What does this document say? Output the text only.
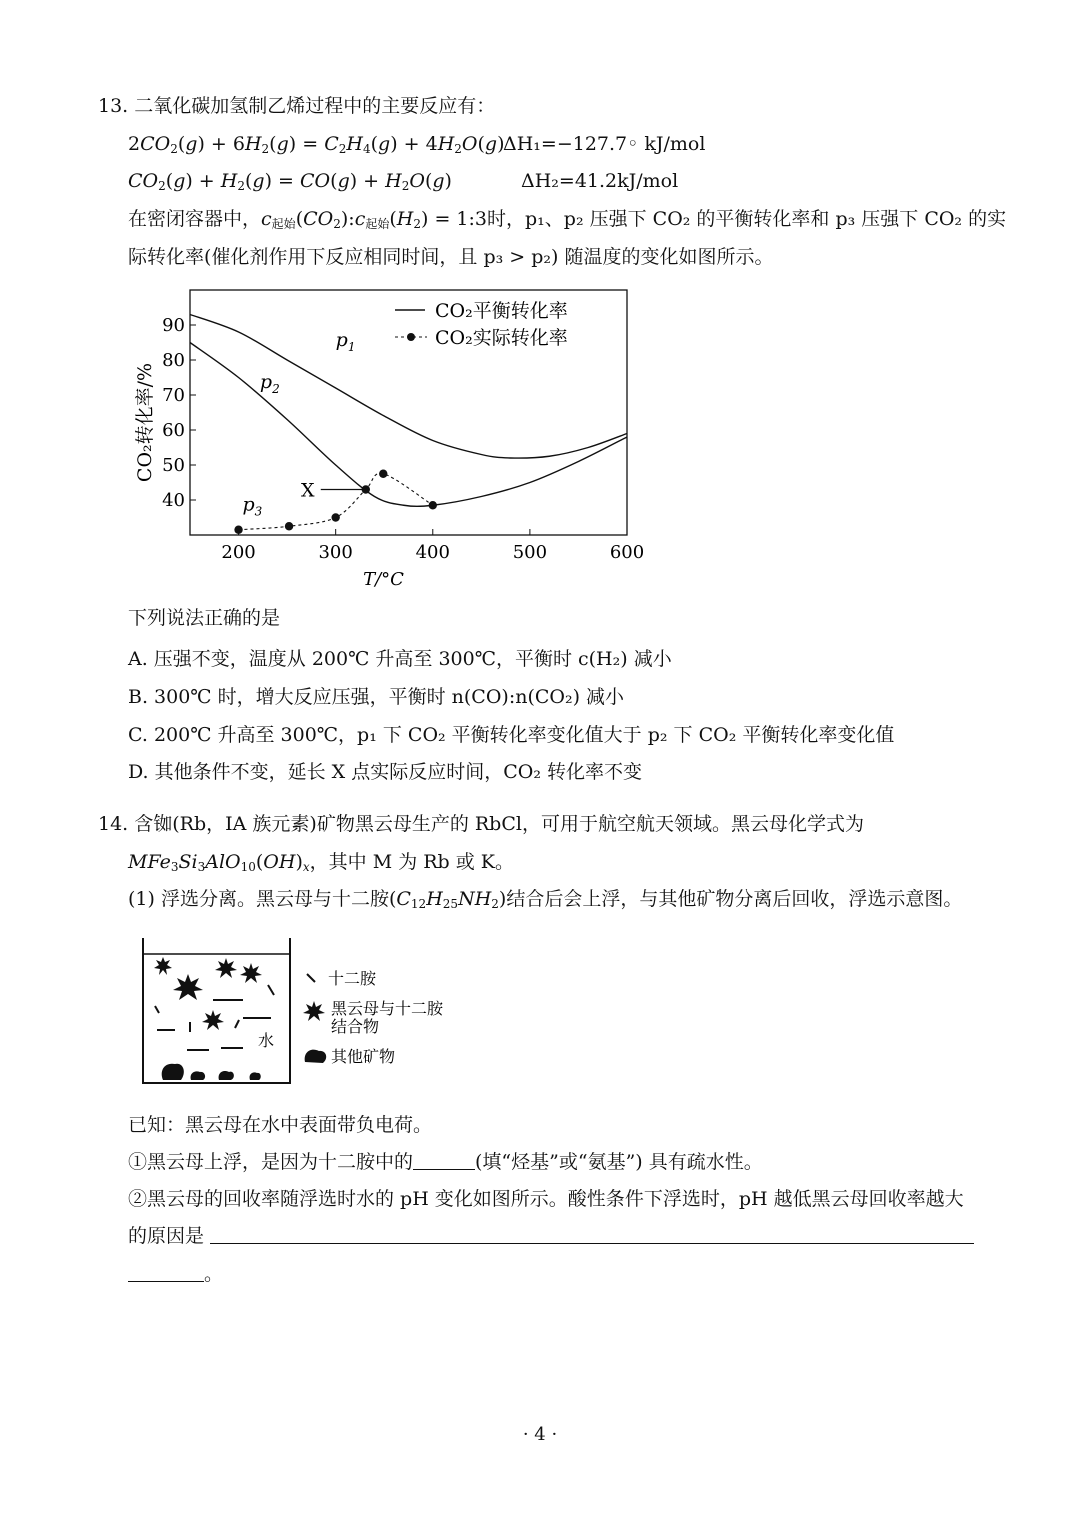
13. 二氧化碳加氢制乙烯过程中的主要反应有：
$2CO_2(g) + 6H_2(g) = C_2H_4(g) + 4H_2O(g)$
ΔH₁=−127.7◦ kJ/mol
$CO_2(g) + H_2(g) = CO(g) + H_2O(g)$	ΔH₂=41.2kJ/mol
在密闭容器中，$c_{起始}(CO_2):c_{起始}(H_2)$ = 1:3时，p₁、p₂ 压强下 CO₂ 的平衡转化率和 p₃ 压强下 CO₂ 的实
际转化率(催化剂作用下反应相同时间，且 p₃ > p₂) 随温度的变化如图所示。
200	300	400	500	600
40
50
60
70
80
90
T/°C
CO₂转化率/%
$p_1$
$p_2$
$p_3$
X
CO₂平衡转化率
CO₂实际转化率
下列说法正确的是
A. 压强不变，温度从 200℃ 升高至 300℃，平衡时 c(H₂) 减小
B. 300℃ 时，增大反应压强，平衡时 n(CO):n(CO₂) 减小
C. 200℃ 升高至 300℃，p₁ 下 CO₂ 平衡转化率变化值大于 p₂ 下 CO₂ 平衡转化率变化值
D. 其他条件不变，延长 X 点实际反应时间，CO₂ 转化率不变
14. 含铷(Rb，ⅠA 族元素)矿物黑云母生产的 RbCl，可用于航空航天领域。黑云母化学式为
$MFe_3Si_3AlO_{10}(OH)_x$，其中 M 为 Rb 或 K。
(1) 浮选分离。黑云母与十二胺$(C_{12}H_{25}NH_2)$结合后会上浮，与其他矿物分离后回收，浮选示意图。
水
十二胺
黑云母与十二胺
结合物
其他矿物
已知：黑云母在水中表面带负电荷。
①黑云母上浮，是因为十二胺中的	(填“烃基”或“氨基”) 具有疏水性。
②黑云母的回收率随浮选时水的 pH 变化如图所示。酸性条件下浮选时，pH 越低黑云母回收率越大
的原因是
。
· 4 ·
